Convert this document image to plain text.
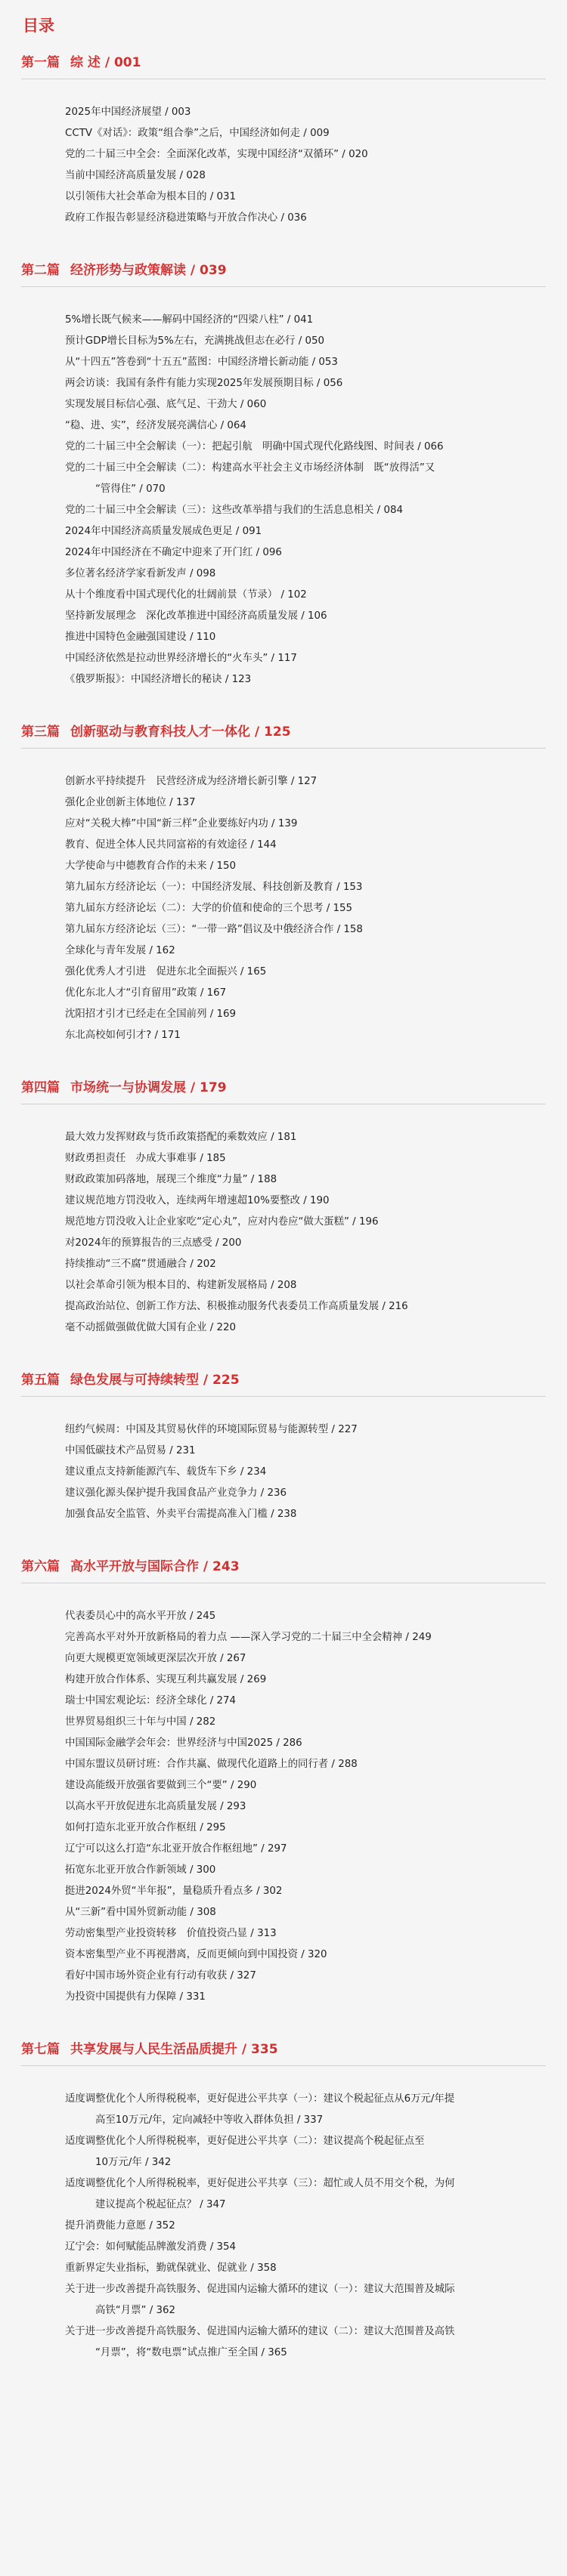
目录
第一篇 综 述 / 001
2025年中国经济展望 / 003
CCTV《对话》：政策“组合拳”之后，中国经济如何走 / 009
党的二十届三中全会：全面深化改革，实现中国经济“双循环” / 020
当前中国经济高质量发展 / 028
以引领伟大社会革命为根本目的 / 031
政府工作报告彰显经济稳进策略与开放合作决心 / 036
第二篇 经济形势与政策解读 / 039
5%增长既气候来——解码中国经济的“四梁八柱” / 041
预计GDP增长目标为5%左右，充满挑战但志在必行 / 050
从“十四五”答卷到“十五五”蓝图：中国经济增长新动能 / 053
两会访谈：我国有条件有能力实现2025年发展预期目标 / 056
实现发展目标信心强、底气足、干劲大 / 060
“稳、进、实”，经济发展亮满信心 / 064
党的二十届三中全会解读（一）：把起引航　明确中国式现代化路线图、时间表 / 066
党的二十届三中全会解读（二）：构建高水平社会主义市场经济体制　既“放得活”又
“管得住” / 070
党的二十届三中全会解读（三）：这些改革举措与我们的生活息息相关 / 084
2024年中国经济高质量发展成色更足 / 091
2024年中国经济在不确定中迎来了开门红 / 096
多位著名经济学家看新发声 / 098
从十个维度看中国式现代化的壮阔前景（节录） / 102
坚持新发展理念　深化改革推进中国经济高质量发展 / 106
推进中国特色金融强国建设 / 110
中国经济依然是拉动世界经济增长的“火车头” / 117
《俄罗斯报》：中国经济增长的秘诀 / 123
第三篇 创新驱动与教育科技人才一体化 / 125
创新水平持续提升　民营经济成为经济增长新引擎 / 127
强化企业创新主体地位 / 137
应对“关税大棒”中国“新三样”企业要练好内功 / 139
教育、促进全体人民共同富裕的有效途径 / 144
大学使命与中德教育合作的未来 / 150
第九届东方经济论坛（一）：中国经济发展、科技创新及教育 / 153
第九届东方经济论坛（二）：大学的价值和使命的三个思考 / 155
第九届东方经济论坛（三）：“一带一路”倡议及中俄经济合作 / 158
全球化与青年发展 / 162
强化优秀人才引进　促进东北全面振兴 / 165
优化东北人才“引育留用”政策 / 167
沈阳招才引才已经走在全国前列 / 169
东北高校如何引才? / 171
第四篇 市场统一与协调发展 / 179
最大效力发挥财政与货币政策搭配的乘数效应 / 181
财政勇担责任　办成大事难事 / 185
财政政策加码落地，展现三个维度“力量” / 188
建议规范地方罚没收入，连续两年增速超10%要整改 / 190
规范地方罚没收入让企业家吃“定心丸”，应对内卷应“做大蛋糕” / 196
对2024年的预算报告的三点感受 / 200
持续推动“三不腐”贯通融合 / 202
以社会革命引领为根本目的、构建新发展格局 / 208
提高政治站位、创新工作方法、积极推动服务代表委员工作高质量发展 / 216
毫不动摇做强做优做大国有企业 / 220
第五篇 绿色发展与可持续转型 / 225
纽约气候周：中国及其贸易伙伴的环境国际贸易与能源转型 / 227
中国低碳技术产品贸易 / 231
建议重点支持新能源汽车、载货车下乡 / 234
建议强化源头保护提升我国食品产业竞争力 / 236
加强食品安全监管、外卖平台需提高准入门槛 / 238
第六篇 高水平开放与国际合作 / 243
代表委员心中的高水平开放 / 245
完善高水平对外开放新格局的着力点 ——深入学习党的二十届三中全会精神 / 249
向更大规模更宽领域更深层次开放 / 267
构建开放合作体系、实现互利共赢发展 / 269
瑞士中国宏观论坛：经济全球化 / 274
世界贸易组织三十年与中国 / 282
中国国际金融学会年会：世界经济与中国2025 / 286
中国东盟议员研讨班：合作共赢、做现代化道路上的同行者 / 288
建设高能级开放强省要做到三个“要” / 290
以高水平开放促进东北高质量发展 / 293
如何打造东北亚开放合作枢纽 / 295
辽宁可以这么打造“东北亚开放合作枢纽地” / 297
拓宽东北亚开放合作新领域 / 300
挺进2024外贸“半年报”，量稳质升看点多 / 302
从“三新”看中国外贸新动能 / 308
劳动密集型产业投资转移　价值投资凸显 / 313
资本密集型产业不再视潜离，反而更倾向到中国投资 / 320
看好中国市场外资企业有行动有收获 / 327
为投资中国提供有力保障 / 331
第七篇 共享发展与人民生活品质提升 / 335
适度调整优化个人所得税税率，更好促进公平共享（一）：建议个税起征点从6万元/年提
高至10万元/年，定向减轻中等收入群体负担 / 337
适度调整优化个人所得税税率，更好促进公平共享（二）：建议提高个税起征点至
10万元/年 / 342
适度调整优化个人所得税税率，更好促进公平共享（三）：超忙或人员不用交个税，为何
建议提高个税起征点？ / 347
提升消费能力意愿 / 352
辽宁会：如何赋能品牌激发消费 / 354
重新界定失业指标，勤就保就业、促就业 / 358
关于进一步改善提升高铁服务、促进国内运输大循环的建议（一）：建议大范围普及城际
高铁“月票” / 362
关于进一步改善提升高铁服务、促进国内运输大循环的建议（二）：建议大范围普及高铁
“月票”，将“数电票”试点推广至全国 / 365
